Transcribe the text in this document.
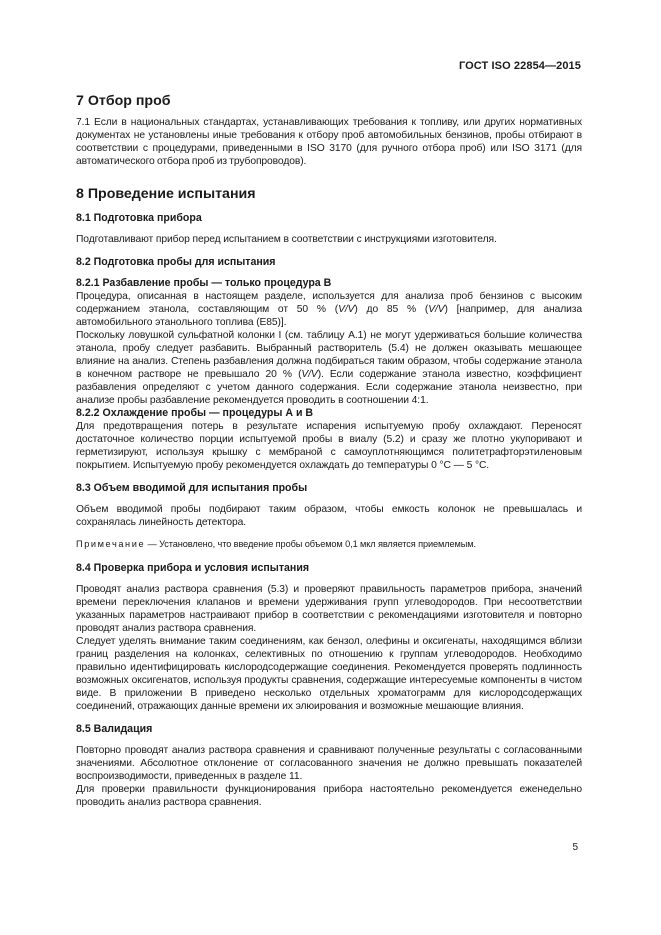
ГОСТ ISO 22854—2015
7 Отбор проб

7.1 Если в национальных стандартах, устанавливающих требования к топливу, или других нормативных документах не установлены иные требования к отбору проб автомобильных бензинов, пробы отбирают в соответствии с процедурами, приведенными в ISO 3170 (для ручного отбора проб) или ISO 3171 (для автоматического отбора проб из трубопроводов).

8 Проведение испытания
8.1 Подготовка прибора

Подготавливают прибор перед испытанием в соответствии с инструкциями изготовителя.

8.2 Подготовка пробы для испытания
8.2.1 Разбавление пробы — только процедура В

Процедура, описанная в настоящем разделе, используется для анализа проб бензинов с высоким содержанием этанола, составляющим от 50 % (V/V) до 85 % (V/V) [например, для анализа автомобильного этанольного топлива (E85)].

Поскольку ловушкой сульфатной колонки I (см. таблицу А.1) не могут удерживаться большие количества этанола, пробу следует разбавить. Выбранный растворитель (5.4) не должен оказывать мешающее влияние на анализ. Степень разбавления должна подбираться таким образом, чтобы содержание этанола в конечном растворе не превышало 20 % (V/V). Если содержание этанола известно, коэффициент разбавления определяют с учетом данного содержания. Если содержание этанола неизвестно, при анализе пробы разбавление рекомендуется проводить в соотношении 4:1.

8.2.2 Охлаждение пробы — процедуры А и В

Для предотвращения потерь в результате испарения испытуемую пробу охлаждают. Переносят достаточное количество порции испытуемой пробы в виалу (5.2) и сразу же плотно укупоривают и герметизируют, используя крышку с мембраной с самоуплотняющимся политетрафторэтиленовым покрытием. Испытуемую пробу рекомендуется охлаждать до температуры 0 °C — 5 °C.

8.3 Объем вводимой для испытания пробы

Объем вводимой пробы подбирают таким образом, чтобы емкость колонок не превышалась и сохранялась линейность детектора.

Примечание — Установлено, что введение пробы объемом 0,1 мкл является приемлемым.

8.4 Проверка прибора и условия испытания

Проводят анализ раствора сравнения (5.3) и проверяют правильность параметров прибора, значений времени переключения клапанов и времени удерживания групп углеводородов. При несоответствии указанных параметров настраивают прибор в соответствии с рекомендациями изготовителя и повторно проводят анализ раствора сравнения.

Следует уделять внимание таким соединениям, как бензол, олефины и оксигенаты, находящимся вблизи границ разделения на колонках, селективных по отношению к группам углеводородов. Необходимо правильно идентифицировать кислородсодержащие соединения. Рекомендуется проверять подлинность возможных оксигенатов, используя продукты сравнения, содержащие интересуемые компоненты в чистом виде. В приложении В приведено несколько отдельных хроматограмм для кислородсодержащих соединений, отражающих данные времени их элюирования и возможные мешающие влияния.

8.5 Валидация

Повторно проводят анализ раствора сравнения и сравнивают полученные результаты с согласованными значениями. Абсолютное отклонение от согласованного значения не должно превышать показателей воспроизводимости, приведенных в разделе 11.

Для проверки правильности функционирования прибора настоятельно рекомендуется еженедельно проводить анализ раствора сравнения.

5
